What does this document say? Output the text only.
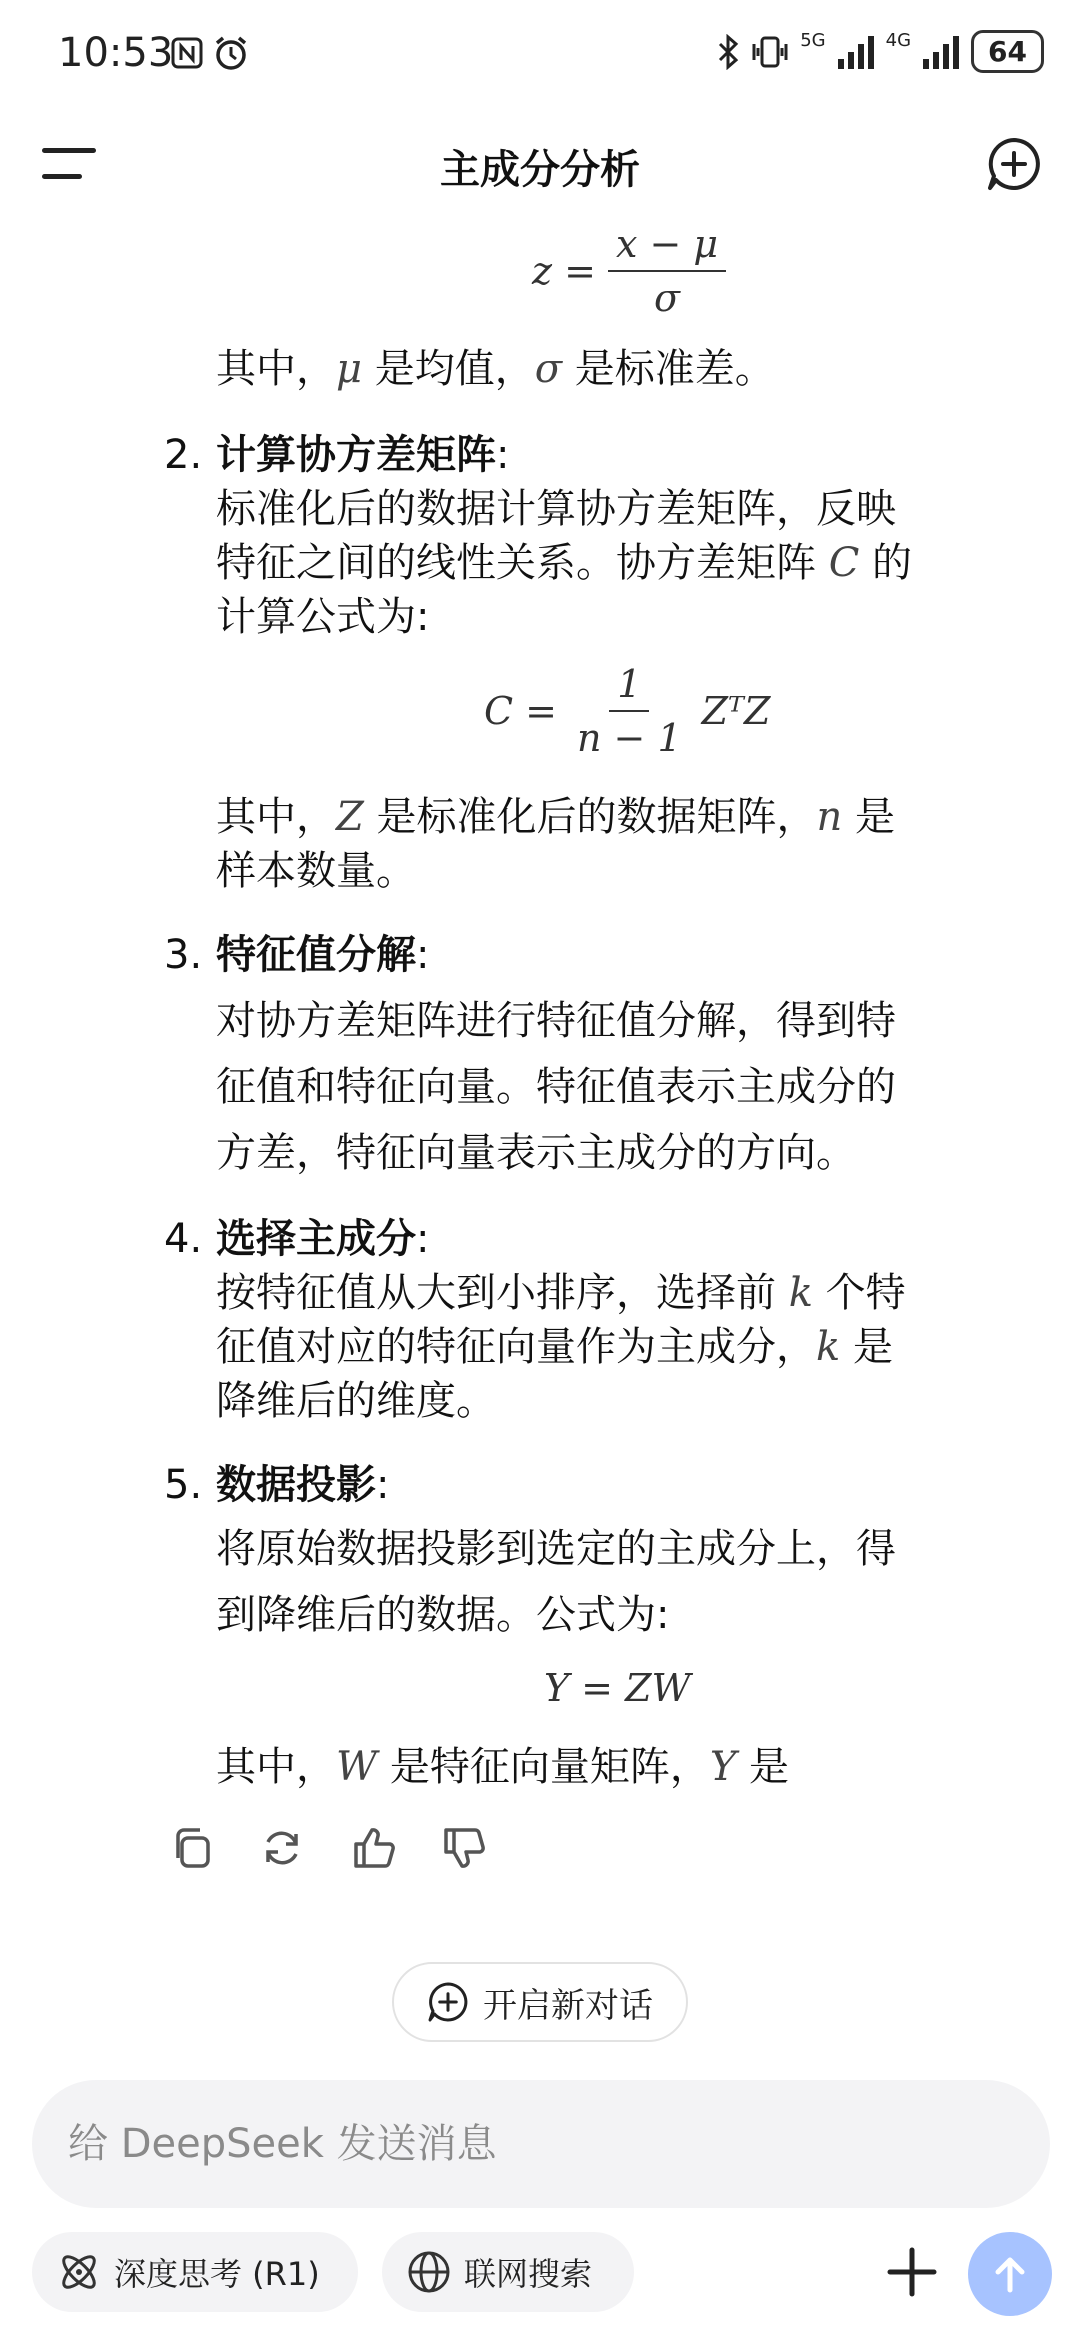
10:53	5G	4G	64
主成分分析
$z = \frac{x - \mu}{\sigma}$
其中，μ 是均值，σ 是标准差。
2. 计算协方差矩阵:
标准化后的数据计算协方差矩阵，反映
特征之间的线性关系。协方差矩阵 C 的
计算公式为:
$C = \frac{1}{n - 1}$ ZᵀZ
其中，Z 是标准化后的数据矩阵，n 是
样本数量。
3. 特征值分解:
对协方差矩阵进行特征值分解，得到特
征值和特征向量。特征值表示主成分的
方差，特征向量表示主成分的方向。
4. 选择主成分:
按特征值从大到小排序，选择前 k 个特
征值对应的特征向量作为主成分，k 是
降维后的维度。
5. 数据投影:
将原始数据投影到选定的主成分上，得
到降维后的数据。公式为:
Y = ZW
其中，W 是特征向量矩阵，Y 是
开启新对话
给 DeepSeek 发送消息
深度思考 (R1)	联网搜索
